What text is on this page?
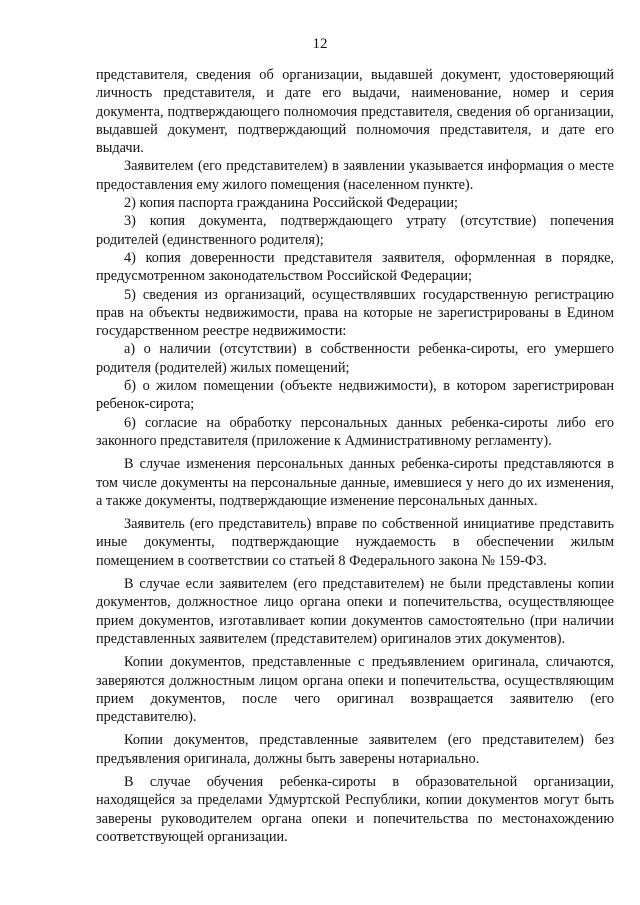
12

представителя, сведения об организации, выдавшей документ, удостоверяющий личность представителя, и дате его выдачи, наименование, номер и серия документа, подтверждающего полномочия представителя, сведения об организации, выдавшей документ, подтверждающий полномочия представителя, и дате его выдачи.

Заявителем (его представителем) в заявлении указывается информация о месте предоставления ему жилого помещения (населенном пункте).

2) копия паспорта гражданина Российской Федерации;

3) копия документа, подтверждающего утрату (отсутствие) попечения родителей (единственного родителя);

4) копия доверенности представителя заявителя, оформленная в порядке, предусмотренном законодательством Российской Федерации;

5) сведения из организаций, осуществлявших государственную регистрацию прав на объекты недвижимости, права на которые не зарегистрированы в Едином государственном реестре недвижимости:

а) о наличии (отсутствии) в собственности ребенка-сироты, его умершего родителя (родителей) жилых помещений;

б) о жилом помещении (объекте недвижимости), в котором зарегистрирован ребенок-сирота;

6) согласие на обработку персональных данных ребенка-сироты либо его законного представителя (приложение к Административному регламенту).

В случае изменения персональных данных ребенка-сироты представляются в том числе документы на персональные данные, имевшиеся у него до их изменения, а также документы, подтверждающие изменение персональных данных.

Заявитель (его представитель) вправе по собственной инициативе представить иные документы, подтверждающие нуждаемость в обеспечении жилым помещением в соответствии со статьей 8 Федерального закона № 159-ФЗ.

В случае если заявителем (его представителем) не были представлены копии документов, должностное лицо органа опеки и попечительства, осуществляющее прием документов, изготавливает копии документов самостоятельно (при наличии представленных заявителем (представителем) оригиналов этих документов).

Копии документов, представленные с предъявлением оригинала, сличаются, заверяются должностным лицом органа опеки и попечительства, осуществляющим прием документов, после чего оригинал возвращается заявителю (его представителю).

Копии документов, представленные заявителем (его представителем) без предъявления оригинала, должны быть заверены нотариально.

В случае обучения ребенка-сироты в образовательной организации, находящейся за пределами Удмуртской Республики, копии документов могут быть заверены руководителем органа опеки и попечительства по местонахождению соответствующей организации.
